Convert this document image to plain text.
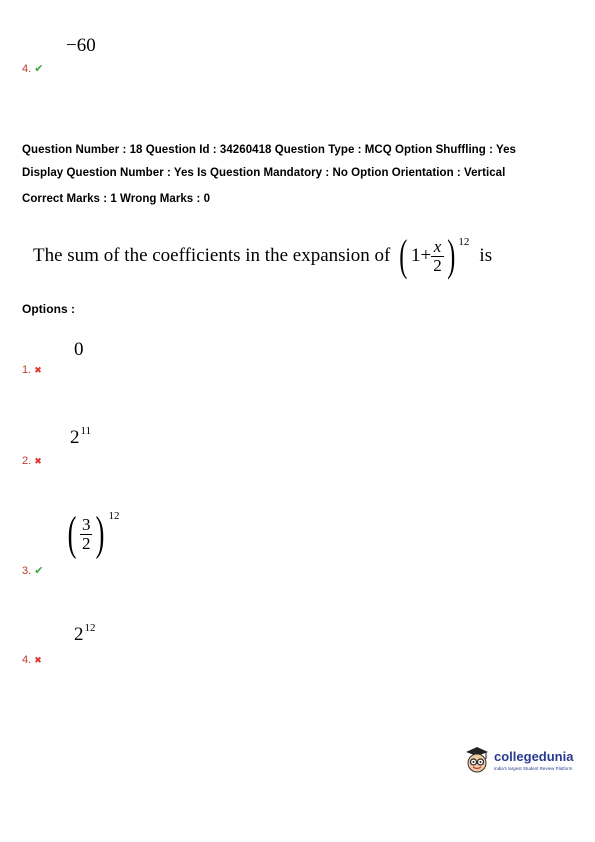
−60
4. ✔
Question Number : 18 Question Id : 34260418 Question Type : MCQ Option Shuffling : Yes
Display Question Number : Yes Is Question Mandatory : No Option Orientation : Vertical
Correct Marks : 1 Wrong Marks : 0
The sum of the coefficients in the expansion of ( $1+ \frac{x}{2}$ ) 12
is
Options :
0
1. ✖
$2^{11}$
2. ✖
( $\frac{3}{2}$ ) 12
3. ✔
$2^{12}$
4. ✖
collegedunia
India's largest Student Review Platform
